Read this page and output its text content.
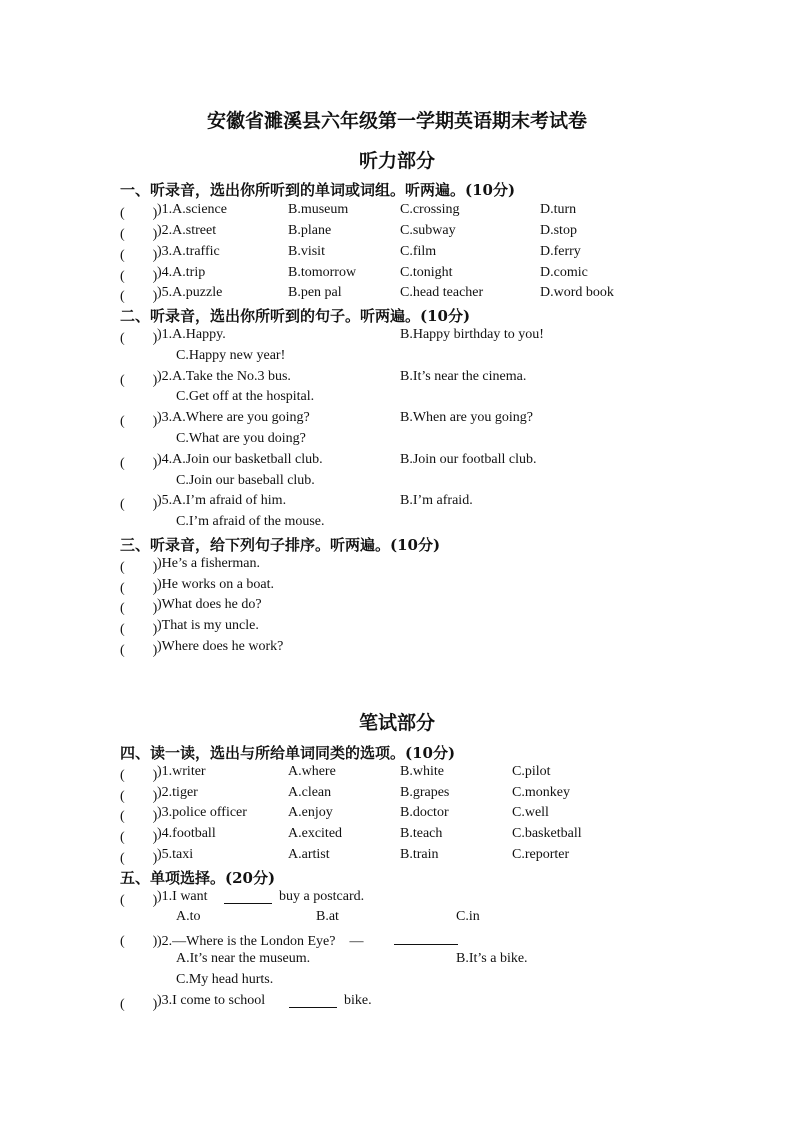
安徽省濉溪县六年级第一学期英语期末考试卷
听力部分
一、听录音，选出你所听到的单词或词组。听两遍。(10分)
(　　) )1.A.science	B.museum	C.crossing	D.turn
(　　) )2.A.street	B.plane	C.subway	D.stop
(　　) )3.A.traffic	B.visit	C.film	D.ferry
(　　) )4.A.trip	B.tomorrow	C.tonight	D.comic
(　　) )5.A.puzzle	B.pen pal	C.head teacher	D.word book
二、听录音，选出你所听到的句子。听两遍。(10分)
(　　) )1.A.Happy.	B.Happy birthday to you!
C.Happy new year!
(　　) )2.A.Take the No.3 bus.	B.It’s near the cinema.
C.Get off at the hospital.
(　　) )3.A.Where are you going?	B.When are you going?
C.What are you doing?
(　　) )4.A.Join our basketball club.	B.Join our football club.
C.Join our baseball club.
(　　) )5.A.I’m afraid of him.	B.I’m afraid.
C.I’m afraid of the mouse.
三、听录音，给下列句子排序。听两遍。(10分)
(　　) )He’s a fisherman.
(　　) )He works on a boat.
(　　) )What does he do?
(　　) )That is my uncle.
(　　) )Where does he work?
笔试部分
四、读一读，选出与所给单词同类的选项。(10分)
(　　) )1.writer	A.where	B.white	C.pilot
(　　) )2.tiger	A.clean	B.grapes	C.monkey
(　　) )3.police officer	A.enjoy	B.doctor	C.well
(　　) )4.football	A.excited	B.teach	C.basketball
(　　) )5.taxi	A.artist	B.train	C.reporter
五、单项选择。(20分)
(　　) )1.I want	buy a postcard.
A.to	B.at	C.in
(　　) )2.—Where is the London Eye?　—
A.It’s near the museum.	B.It’s a bike.
C.My head hurts.
(　　) )3.I come to school	bike.
